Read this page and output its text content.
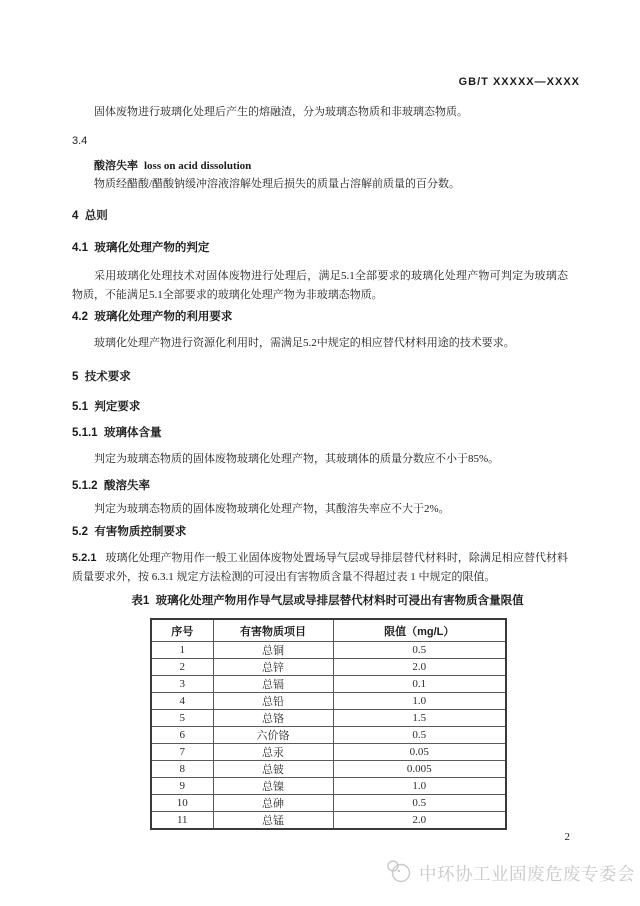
GB/T XXXXX—XXXX

固体废物进行玻璃化处理后产生的熔融渣，分为玻璃态物质和非玻璃态物质。

3.4

酸溶失率 loss on acid dissolution

物质经醋酸/醋酸钠缓冲溶液溶解处理后损失的质量占溶解前质量的百分数。

4  总则

4.1  玻璃化处理产物的判定

采用玻璃化处理技术对固体废物进行处理后，满足5.1全部要求的玻璃化处理产物可判定为玻璃态物质，不能满足5.1全部要求的玻璃化处理产物为非玻璃态物质。

4.2  玻璃化处理产物的利用要求

玻璃化处理产物进行资源化利用时，需满足5.2中规定的相应替代材料用途的技术要求。

5  技术要求

5.1  判定要求

5.1.1  玻璃体含量

判定为玻璃态物质的固体废物玻璃化处理产物，其玻璃体的质量分数应不小于85%。

5.1.2  酸溶失率

判定为玻璃态物质的固体废物玻璃化处理产物，其酸溶失率应不大于2%。

5.2  有害物质控制要求

5.2.1 玻璃化处理产物用作一般工业固体废物处置场导气层或导排层替代材料时，除满足相应替代材料质量要求外，按 6.3.1 规定方法检测的可浸出有害物质含量不得超过表 1 中规定的限值。

表1  玻璃化处理产物用作导气层或导排层替代材料时可浸出有害物质含量限值
序号	有害物质项目	限值（mg/L）
1	总铜	0.5
2	总锌	2.0
3	总镉	0.1
4	总铅	1.0
5	总铬	1.5
6	六价铬	0.5
7	总汞	0.05
8	总铍	0.005
9	总镍	1.0
10	总砷	0.5
11	总锰	2.0
2
中环协工业固废危废专委会
